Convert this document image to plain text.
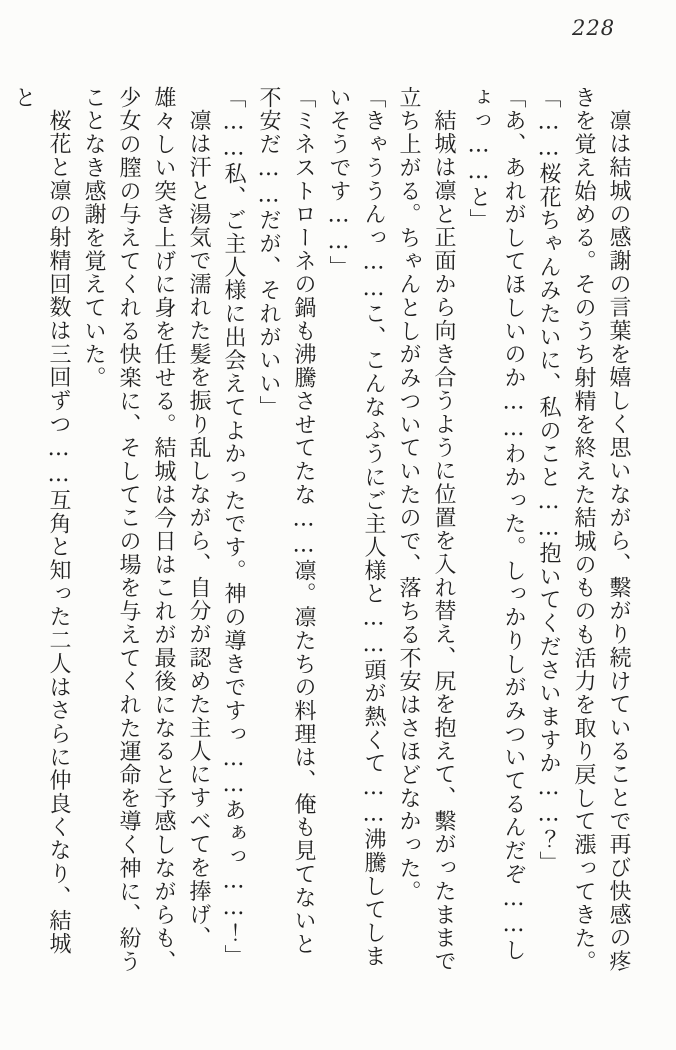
228

凛は結城の感謝の言葉を嬉しく思いながら、繫がり続けていることで再び快感の疼きを覚え始める。そのうち射精を終えた結城のものも活力を取り戻して漲ってきた。

「……桜花ちゃんみたいに、私のこと……抱いてくださいますか……？」

「あ、あれがしてほしいのか……わかった。しっかりしがみついてるんだぞ……しょっ……と」

結城は凛と正面から向き合うように位置を入れ替え、尻を抱えて、繫がったままで立ち上がる。ちゃんとしがみついていたので、落ちる不安はさほどなかった。

「きゃううんっ……こ、こんなふうにご主人様と……頭が熱くて……沸騰してしまいそうです……」

「ミネストローネの鍋も沸騰させてたな……凛。凛たちの料理は、俺も見てないと不安だ……だが、それがいい」

「……私、ご主人様に出会えてよかったです。神の導きですっ……あぁっ……！」

凛は汗と湯気で濡れた髪を振り乱しながら、自分が認めた主人にすべてを捧げ、雄々しい突き上げに身を任せる。結城は今日はこれが最後になると予感しながらも、少女の膣の与えてくれる快楽に、そしてこの場を与えてくれた運命を導く神に、紛うことなき感謝を覚えていた。

桜花と凛の射精回数は三回ずつ……互角と知った二人はさらに仲良くなり、結城と
